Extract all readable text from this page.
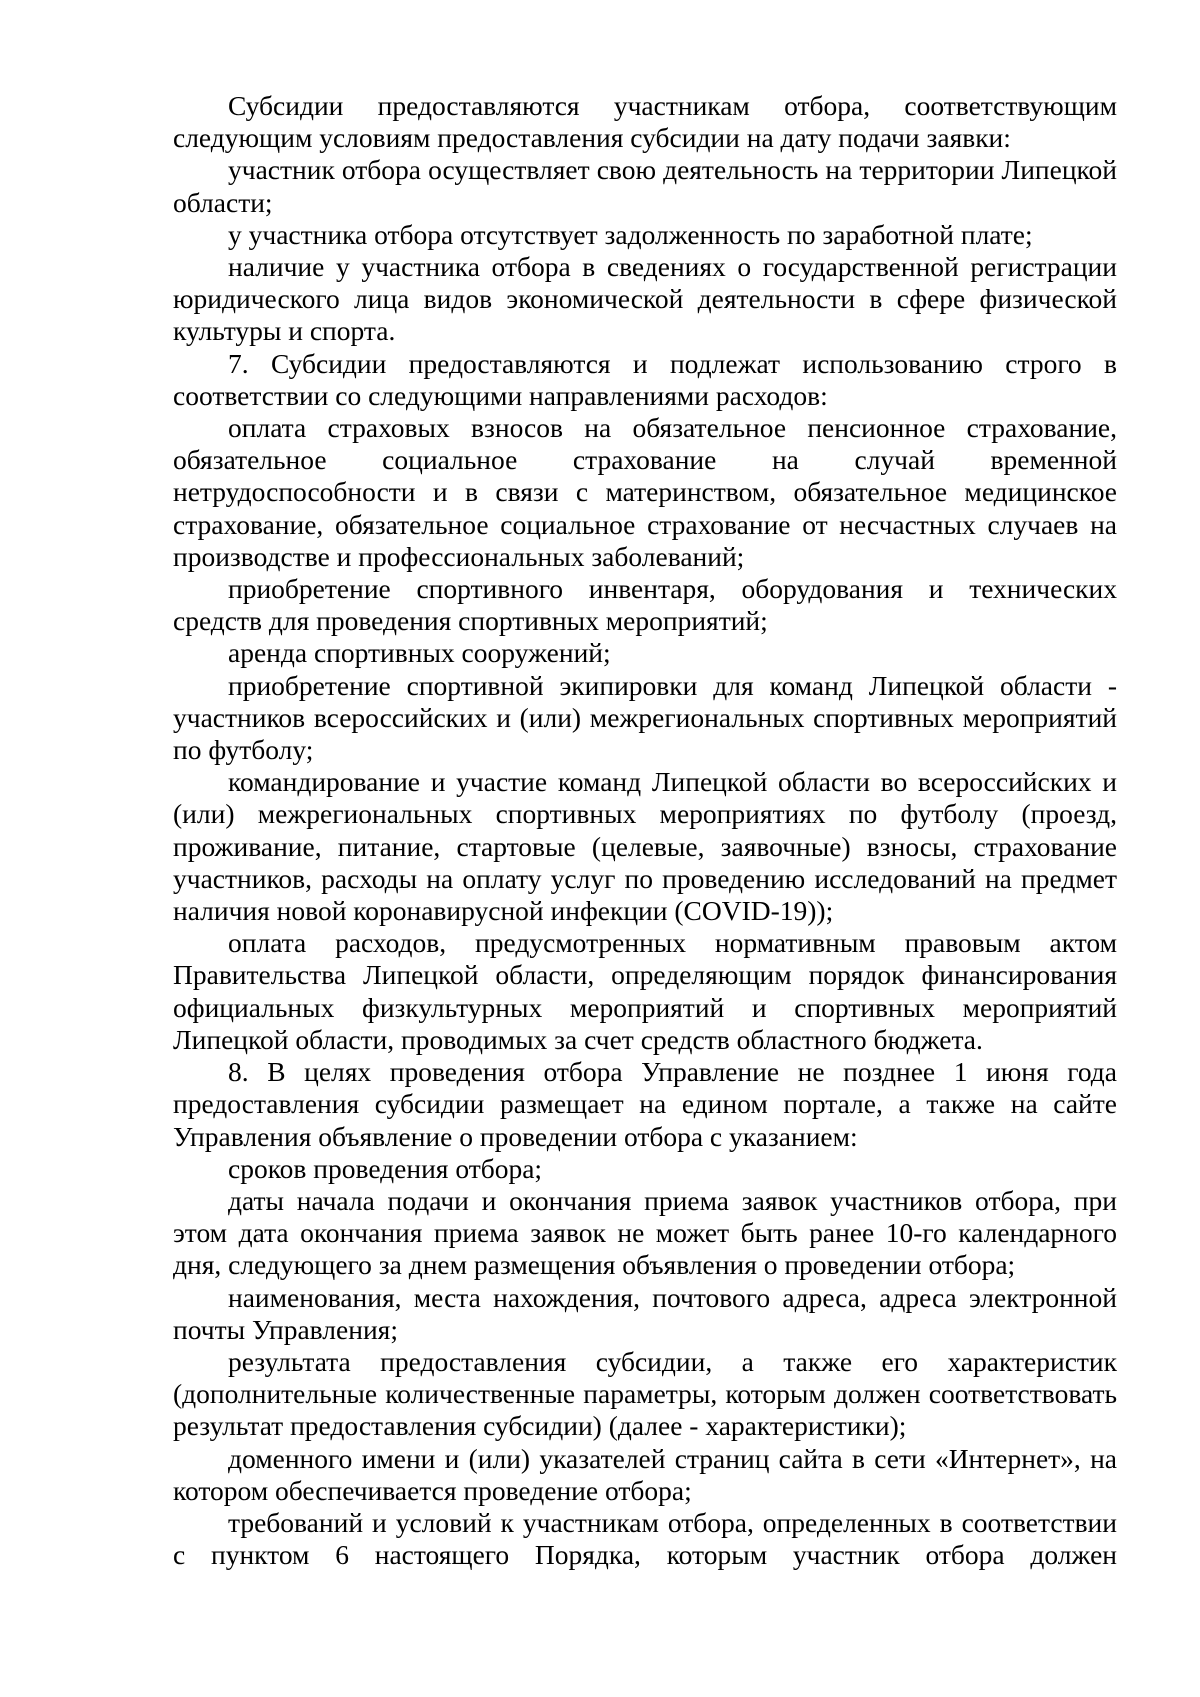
Субсидии предоставляются участникам отбора, соответствующим следующим условиям предоставления субсидии на дату подачи заявки:

участник отбора осуществляет свою деятельность на территории Липецкой области;

у участника отбора отсутствует задолженность по заработной плате;

наличие у участника отбора в сведениях о государственной регистрации юридического лица видов экономической деятельности в сфере физической культуры и спорта.

7. Субсидии предоставляются и подлежат использованию строго в соответствии со следующими направлениями расходов:

оплата страховых взносов на обязательное пенсионное страхование, обязательное социальное страхование на случай временной нетрудоспособности и в связи с материнством, обязательное медицинское страхование, обязательное социальное страхование от несчастных случаев на производстве и профессиональных заболеваний;

приобретение спортивного инвентаря, оборудования и технических средств для проведения спортивных мероприятий;

аренда спортивных сооружений;

приобретение спортивной экипировки для команд Липецкой области - участников всероссийских и (или) межрегиональных спортивных мероприятий по футболу;

командирование и участие команд Липецкой области во всероссийских и (или) межрегиональных спортивных мероприятиях по футболу (проезд, проживание, питание, стартовые (целевые, заявочные) взносы, страхование участников, расходы на оплату услуг по проведению исследований на предмет наличия новой коронавирусной инфекции (COVID-19));

оплата расходов, предусмотренных нормативным правовым актом Правительства Липецкой области, определяющим порядок финансирования официальных физкультурных мероприятий и спортивных мероприятий Липецкой области, проводимых за счет средств областного бюджета.

8. В целях проведения отбора Управление не позднее 1 июня года предоставления субсидии размещает на едином портале, а также на сайте Управления объявление о проведении отбора с указанием:

сроков проведения отбора;

даты начала подачи и окончания приема заявок участников отбора, при этом дата окончания приема заявок не может быть ранее 10-го календарного дня, следующего за днем размещения объявления о проведении отбора;

наименования, места нахождения, почтового адреса, адреса электронной почты Управления;

результата предоставления субсидии, а также его характеристик (дополнительные количественные параметры, которым должен соответствовать результат предоставления субсидии) (далее - характеристики);

доменного имени и (или) указателей страниц сайта в сети «Интернет», на котором обеспечивается проведение отбора;

требований и условий к участникам отбора, определенных в соответствии с пунктом 6 настоящего Порядка, которым участник отбора должен
